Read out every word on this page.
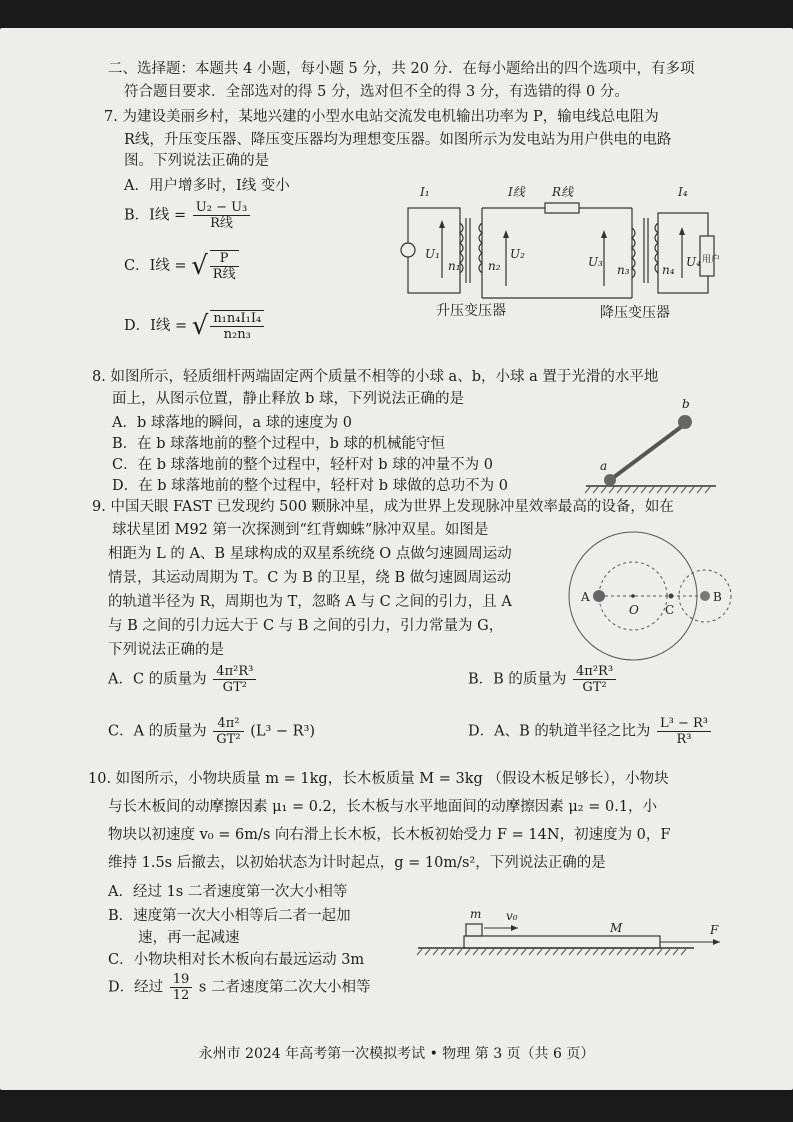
二、选择题：本题共 4 小题，每小题 5 分，共 20 分．在每小题给出的四个选项中，有多项
符合题目要求．全部选对的得 5 分，选对但不全的得 3 分，有选错的得 0 分。
7. 为建设美丽乡村，某地兴建的小型水电站交流发电机输出功率为 P，输电线总电阻为
R线，升压变压器、降压变压器均为理想变压器。如图所示为发电站为用户供电的电路
图。下列说法正确的是
A．用户增多时，I线 变小
B．I线 = $\frac{\text{U₂ − U₃}}{\text{R线}}$
C．I线 = √ $\frac{P}{\text{R线}}$
D．I线 = √ $\frac{\text{n₁n₄I₁I₄}}{\text{n₂n₃}}$
I₁	I线 R线	I₄
U₁
n₁ n₂
U₂
U₃
n₃	n₄
U₄ 用户
升压变压器	降压变压器
8. 如图所示，轻质细杆两端固定两个质量不相等的小球 a、b，小球 a 置于光滑的水平地
面上，从图示位置，静止释放 b 球，下列说法正确的是
A．b 球落地的瞬间，a 球的速度为 0
B．在 b 球落地前的整个过程中，b 球的机械能守恒
C．在 b 球落地前的整个过程中，轻杆对 b 球的冲量不为 0
D．在 b 球落地前的整个过程中，轻杆对 b 球做的总功不为 0
a
b
9. 中国天眼 FAST 已发现约 500 颗脉冲星，成为世界上发现脉冲星效率最高的设备，如在
球状星团 M92 第一次探测到“红背蜘蛛”脉冲双星。如图是
相距为 L 的 A、B 星球构成的双星系统绕 O 点做匀速圆周运动
情景，其运动周期为 T。C 为 B 的卫星，绕 B 做匀速圆周运动
的轨道半径为 R，周期也为 T，忽略 A 与 C 之间的引力，且 A
与 B 之间的引力远大于 C 与 B 之间的引力，引力常量为 G，
下列说法正确的是
A
O C
B
A．C 的质量为 $\frac{\text{4π²R³}}{\text{GT²}}$	B．B 的质量为 $\frac{\text{4π²R³}}{\text{GT²}}$
C．A 的质量为 $\frac{\text{4π²}}{\text{GT²}} (L^3 - R^3)$	D．A、B 的轨道半径之比为 $\frac{\text{L³ − R³}}{\text{R³}}$
10. 如图所示，小物块质量 m = 1kg，长木板质量 M = 3kg （假设木板足够长），小物块
与长木板间的动摩擦因素 μ₁ = 0.2，长木板与水平地面间的动摩擦因素 μ₂ = 0.1，小
物块以初速度 v₀ = 6m/s 向右滑上长木板，长木板初始受力 F = 14N，初速度为 0，F
维持 1.5s 后撤去，以初始状态为计时起点，g = 10m/s²，下列说法正确的是
A．经过 1s 二者速度第一次大小相等
B．速度第一次大小相等后二者一起加
速，再一起减速
C．小物块相对长木板向右最远运动 3m
D．经过 $\frac{19}{12}$ s 二者速度第二次大小相等
m v₀
M	F
永州市 2024 年高考第一次模拟考试 • 物理 第 3 页（共 6 页）
